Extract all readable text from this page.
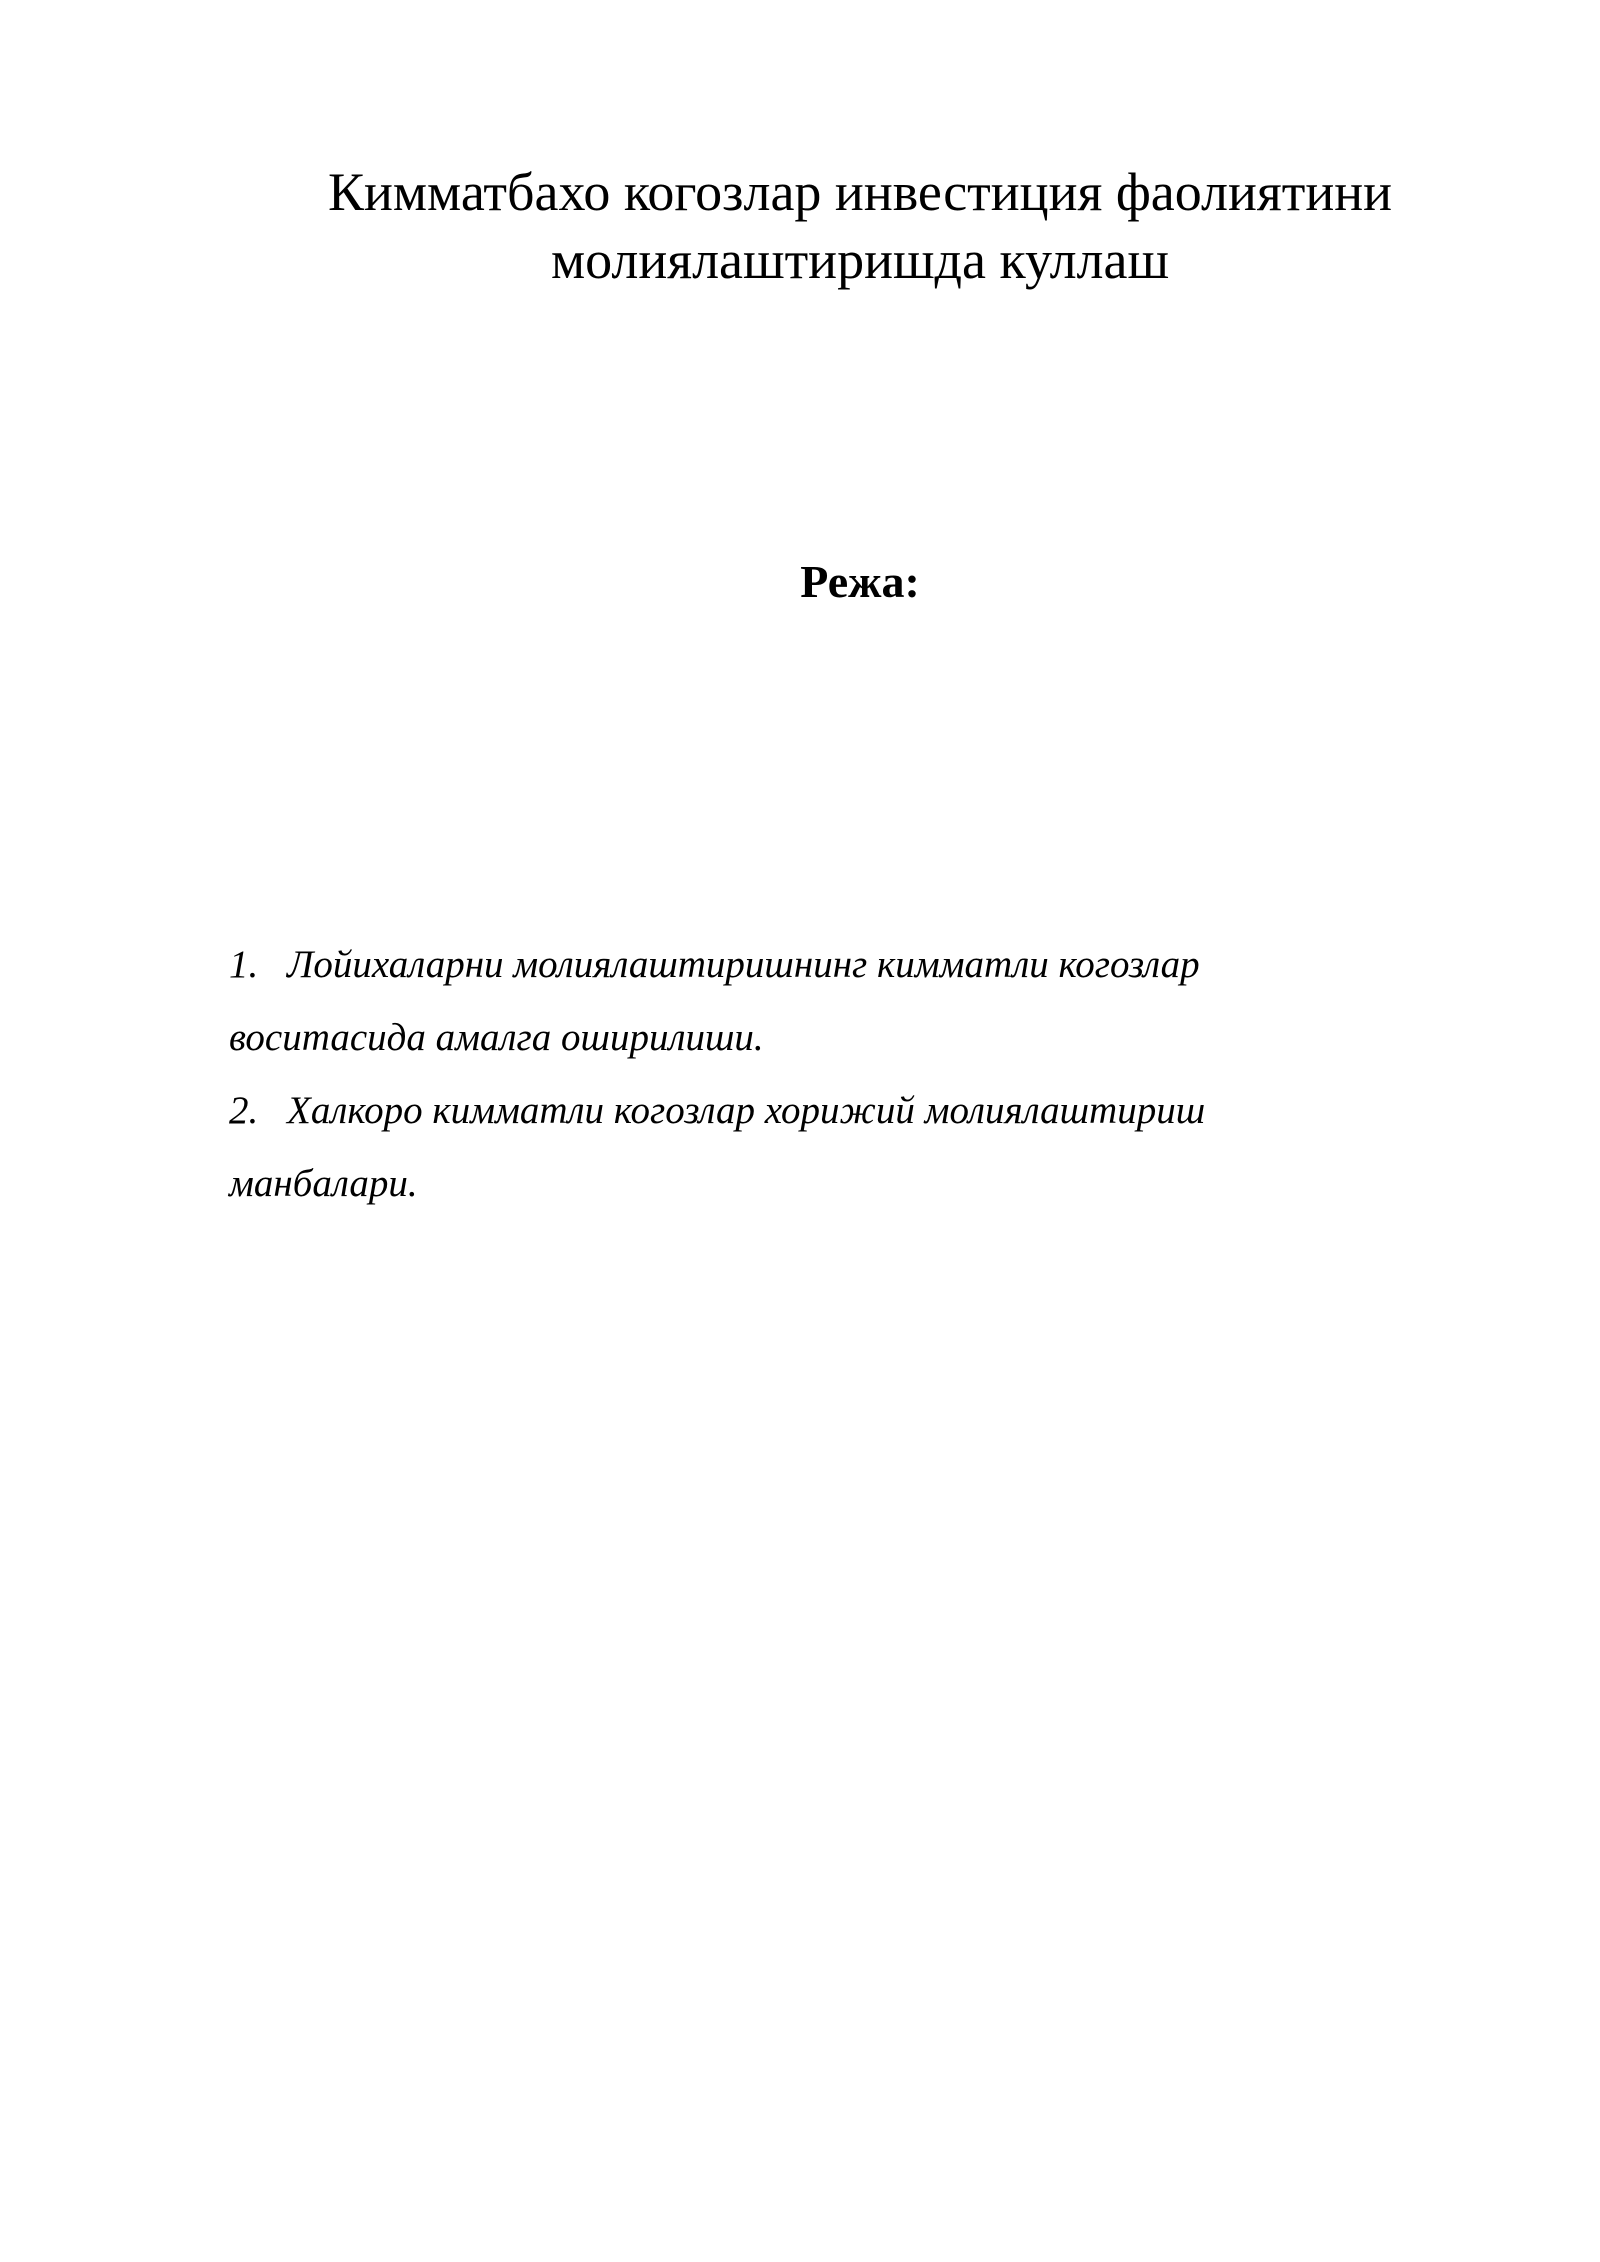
Кимматбахо когозлар инвестиция фаолиятини
молиялаштиришда куллаш
Режа:
1. Лойихаларни молиялаштиришнинг кимматли когозлар
воситасида амалга оширилиши.
2. Халкоро кимматли когозлар хорижий молиялаштириш
манбалари.
